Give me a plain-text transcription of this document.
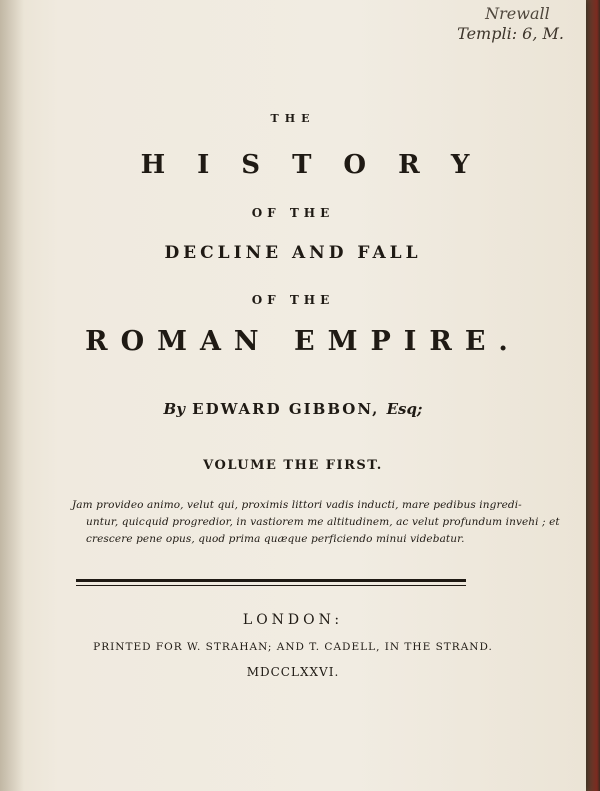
Nrewall
Templi: 6, M.
THE
HISTORY
OF THE
DECLINE AND FALL
OF THE
ROMAN EMPIRE.
By EDWARD GIBBON, Esq;
VOLUME THE FIRST.
Jam provideo animo, velut qui, proximis littori vadis inducti, mare pedibus ingredi-
untur, quicquid progredior, in vastiorem me altitudinem, ac velut profundum invehi ; et
crescere pene opus, quod prima quæque perficiendo minui videbatur.
LONDON:
PRINTED FOR W. STRAHAN; AND T. CADELL, IN THE STRAND.
MDCCLXXVI.
